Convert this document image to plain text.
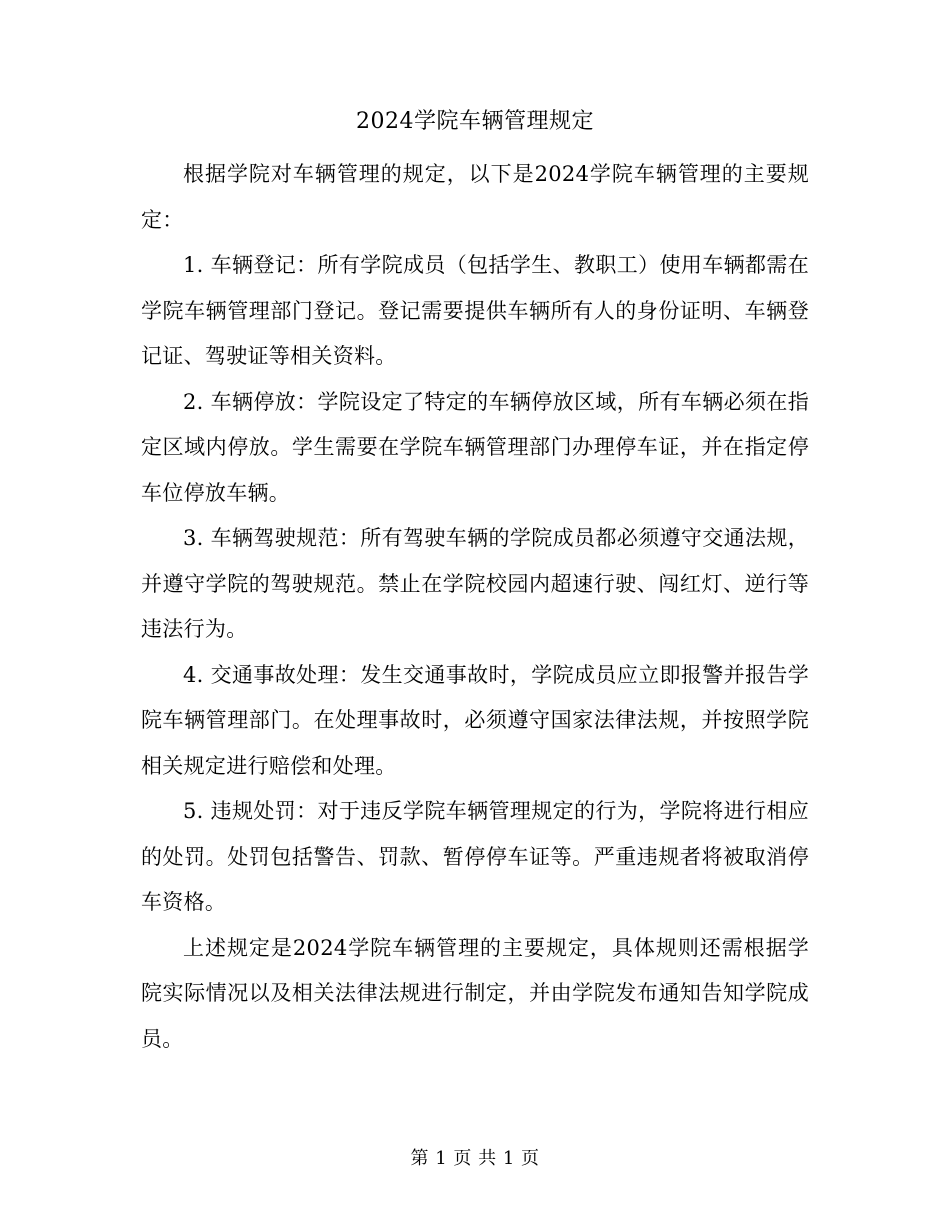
2024学院车辆管理规定

根据学院对车辆管理的规定，以下是2024学院车辆管理的主要规定：

1. 车辆登记：所有学院成员（包括学生、教职工）使用车辆都需在学院车辆管理部门登记。登记需要提供车辆所有人的身份证明、车辆登记证、驾驶证等相关资料。

2. 车辆停放：学院设定了特定的车辆停放区域，所有车辆必须在指定区域内停放。学生需要在学院车辆管理部门办理停车证，并在指定停车位停放车辆。

3. 车辆驾驶规范：所有驾驶车辆的学院成员都必须遵守交通法规，并遵守学院的驾驶规范。禁止在学院校园内超速行驶、闯红灯、逆行等违法行为。

4. 交通事故处理：发生交通事故时，学院成员应立即报警并报告学院车辆管理部门。在处理事故时，必须遵守国家法律法规，并按照学院相关规定进行赔偿和处理。

5. 违规处罚：对于违反学院车辆管理规定的行为，学院将进行相应的处罚。处罚包括警告、罚款、暂停停车证等。严重违规者将被取消停车资格。

上述规定是2024学院车辆管理的主要规定，具体规则还需根据学院实际情况以及相关法律法规进行制定，并由学院发布通知告知学院成员。

第 1 页 共 1 页
